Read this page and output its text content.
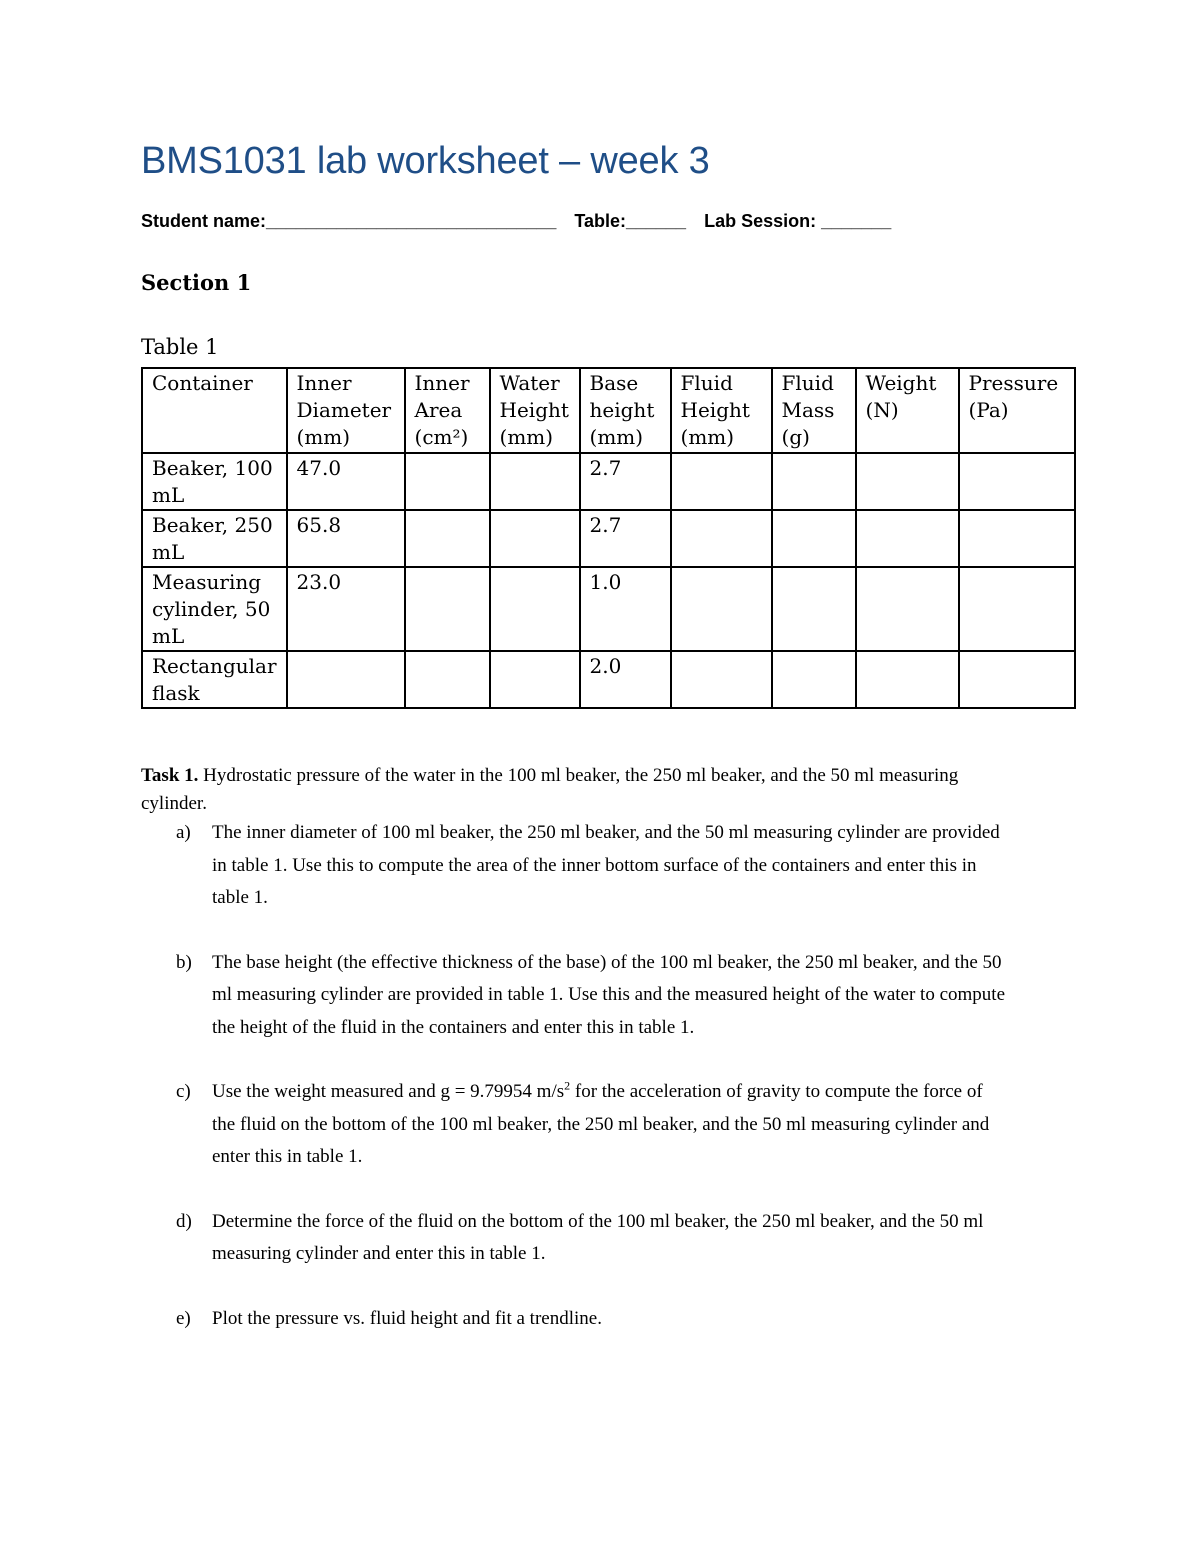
BMS1031 lab worksheet – week 3
Student name: _____________________________ Table: ______ Lab Session:
_______
Section 1
Table 1
Container	Inner Diameter (mm)	Inner Area (cm²)	Water Height (mm)	Base height (mm)	Fluid Height (mm)	Fluid Mass (g)	Weight (N)	Pressure (Pa)
Beaker, 100 mL	47.0			2.7				
Beaker, 250 mL	65.8			2.7				
Measuring cylinder, 50 mL	23.0			1.0				
Rectangular flask				2.0				
Task 1. Hydrostatic pressure of the water in the 100 ml beaker, the 250 ml beaker, and the 50 ml measuring cylinder.
a)	The inner diameter of 100 ml beaker, the 250 ml beaker, and the 50 ml measuring cylinder are provided in table 1. Use this to compute the area of the inner bottom surface of the containers and enter this in table 1.
b)	The base height (the effective thickness of the base) of the 100 ml beaker, the 250 ml beaker, and the 50 ml measuring cylinder are provided in table 1. Use this and the measured height of the water to compute the height of the fluid in the containers and enter this in table 1.
c)	Use the weight measured and g = 9.79954 $m/s^2$ for the acceleration of gravity to compute the force of the fluid on the bottom of the 100 ml beaker, the 250 ml beaker, and the 50 ml measuring cylinder and enter this in table 1.
d)	Determine the force of the fluid on the bottom of the 100 ml beaker, the 250 ml beaker, and the 50 ml measuring cylinder and enter this in table 1.
e)	Plot the pressure vs. fluid height and fit a trendline.
